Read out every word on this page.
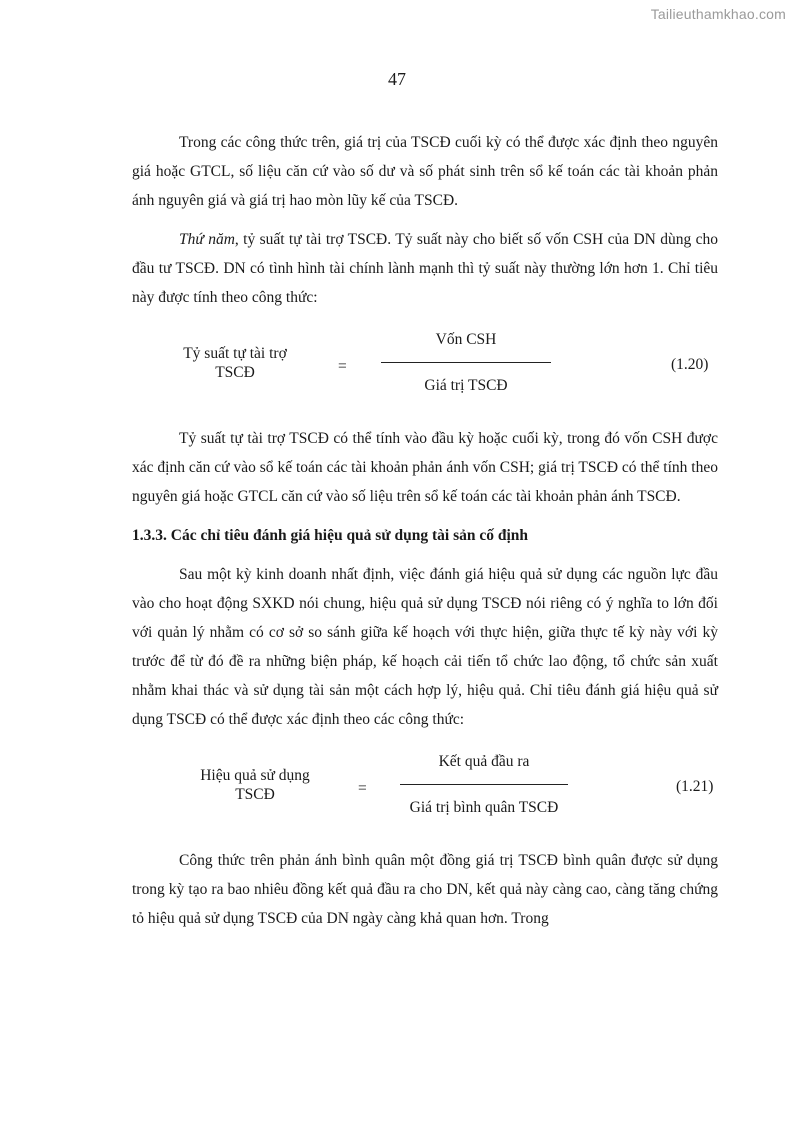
Tailieuthamkhao.com
47

Trong các công thức trên, giá trị của TSCĐ cuối kỳ có thể được xác định theo nguyên giá hoặc GTCL, số liệu căn cứ vào số dư và số phát sinh trên sổ kế toán các tài khoản phản ánh nguyên giá và giá trị hao mòn lũy kế của TSCĐ.

Thứ năm, tỷ suất tự tài trợ TSCĐ. Tỷ suất này cho biết số vốn CSH của DN dùng cho đầu tư TSCĐ. DN có tình hình tài chính lành mạnh thì tỷ suất này thường lớn hơn 1. Chỉ tiêu này được tính theo công thức:

Tỷ suất tự tài trợ
TSCĐ	=
Vốn CSH
Giá trị TSCĐ
(1.20)

Tỷ suất tự tài trợ TSCĐ có thể tính vào đầu kỳ hoặc cuối kỳ, trong đó vốn CSH được xác định căn cứ vào sổ kế toán các tài khoản phản ánh vốn CSH; giá trị TSCĐ có thể tính theo nguyên giá hoặc GTCL căn cứ vào số liệu trên sổ kế toán các tài khoản phản ánh TSCĐ.

1.3.3. Các chỉ tiêu đánh giá hiệu quả sử dụng tài sản cố định

Sau một kỳ kinh doanh nhất định, việc đánh giá hiệu quả sử dụng các nguồn lực đầu vào cho hoạt động SXKD nói chung, hiệu quả sử dụng TSCĐ nói riêng có ý nghĩa to lớn đối với quản lý nhằm có cơ sở so sánh giữa kế hoạch với thực hiện, giữa thực tế kỳ này với kỳ trước để từ đó đề ra những biện pháp, kế hoạch cải tiến tổ chức lao động, tổ chức sản xuất nhằm khai thác và sử dụng tài sản một cách hợp lý, hiệu quả. Chỉ tiêu đánh giá hiệu quả sử dụng TSCĐ có thể được xác định theo các công thức:

Hiệu quả sử dụng
TSCĐ	=
Kết quả đầu ra
Giá trị bình quân TSCĐ
(1.21)

Công thức trên phản ánh bình quân một đồng giá trị TSCĐ bình quân được sử dụng trong kỳ tạo ra bao nhiêu đồng kết quả đầu ra cho DN, kết quả này càng cao, càng tăng chứng tỏ hiệu quả sử dụng TSCĐ của DN ngày càng khả quan hơn. Trong
